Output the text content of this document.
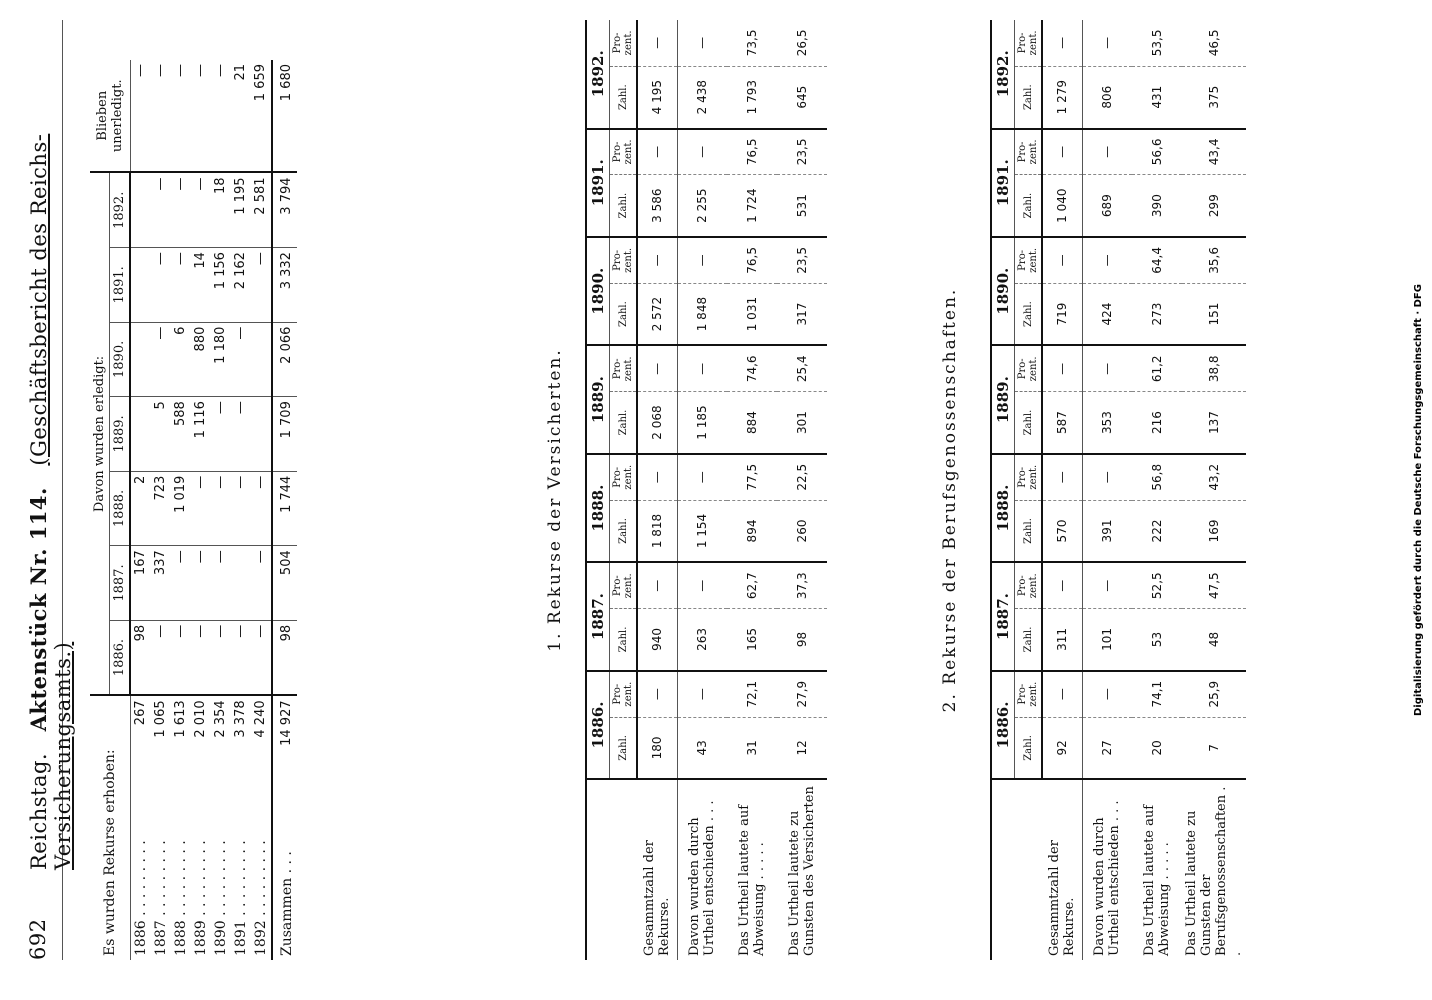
692
Reichstag.   Aktenstück Nr. 114.   (Geschäftsbericht des Reichs-Versicherungsamts.) Es wurden Rekurse erhoben:		Davon wurden erledigt:							Blieben unerledigt.
		1886.	1887.	1888.	1889.	1890.	1891.	1892.	
1886 . . . . . . . . .	267	98	167	2					—
1887 . . . . . . . . .	1 065	—	337	723	5	—	—	—	—
1888 . . . . . . . . .	1 613	—	—	1 019	588	6	—	—	—
1889 . . . . . . . . .	2 010	—	—	—	1 116	880	14	—	—
1890 . . . . . . . . .	2 354	—	—	—	—	1 180	1 156	18	—
1891 . . . . . . . . .	3 378	—		—	—	—	2 162	1 195	21
1892 . . . . . . . . .	4 240	—	—	—			—	2 581	1 659
Zusammen . . .	14 927	98	504	1 744	1 709	2 066	3 332	3 794	1 680
1. Rekurse der Versicherten.
	1886.		1887.		1888.		1889.		1890.		1891.		1892.	
	Zahl.	Pro- zent.	Zahl.	Pro- zent.	Zahl.	Pro- zent.	Zahl.	Pro- zent.	Zahl.	Pro- zent.	Zahl.	Pro- zent.	Zahl.	Pro- zent.
Gesammtzahl der Rekurse.	180	—	940	—	1 818	—	2 068	—	2 572	—	3 586	—	4 195	—
Davon wurden durch Urtheil entschieden . . .	43	—	263	—	1 154	—	1 185	—	1 848	—	2 255	—	2 438	—
Das Urtheil lautete auf Abweisung . . . . .	31	72,1	165	62,7	894	77,5	884	74,6	1 031	76,5	1 724	76,5	1 793	73,5
Das Urtheil lautete zu Gunsten des Versicherten	12	27,9	98	37,3	260	22,5	301	25,4	317	23,5	531	23,5	645	26,5
2. Rekurse der Berufsgenossenschaften.
	1886.		1887.		1888.		1889.		1890.		1891.		1892.	
	Zahl.	Pro- zent.	Zahl.	Pro- zent.	Zahl.	Pro- zent.	Zahl.	Pro- zent.	Zahl.	Pro- zent.	Zahl.	Pro- zent.	Zahl.	Pro- zent.
Gesammtzahl der Rekurse.	92	—	311	—	570	—	587	—	719	—	1 040	—	1 279	—
Davon wurden durch Urtheil entschieden . . .	27	—	101	—	391	—	353	—	424	—	689	—	806	—
Das Urtheil lautete auf Abweisung . . . . .	20	74,1	53	52,5	222	56,8	216	61,2	273	64,4	390	56,6	431	53,5
Das Urtheil lautete zu Gunsten der Berufsgenossenschaften . .	7	25,9	48	47,5	169	43,2	137	38,8	151	35,6	299	43,4	375	46,5
Digitalisierung gefördert durch die Deutsche Forschungsgemeinschaft · DFG
